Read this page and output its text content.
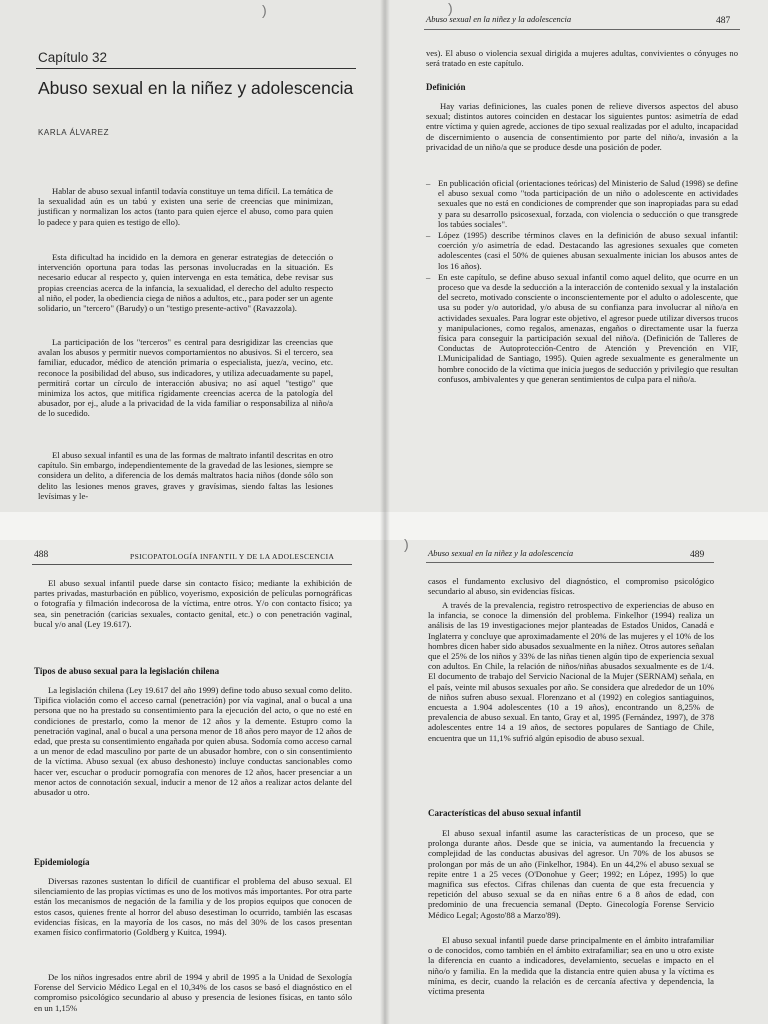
Capítulo 32
Abuso sexual en la niñez y adolescencia
KARLA ÁLVAREZ

Hablar de abuso sexual infantil todavía constituye un tema difícil. La temática de la sexualidad aún es un tabú y existen una serie de creencias que minimizan, justifican y normalizan los actos (tanto para quien ejerce el abuso, como para quien lo padece y para quien es testigo de ello).

Esta dificultad ha incidido en la demora en generar estrategias de detección o intervención oportuna para todas las personas involucradas en la situación. Es necesario educar al respecto y, quien intervenga en esta temática, debe revisar sus propias creencias acerca de la infancia, la sexualidad, el derecho del adulto respecto al niño, el poder, la obediencia ciega de niños a adultos, etc., para poder ser un agente solidario, un "tercero" (Barudy) o un "testigo presente-activo" (Ravazzola).

La participación de los "terceros" es central para desrigidizar las creencias que avalan los abusos y permitir nuevos comportamientos no abusivos. Si el tercero, sea familiar, educador, médico de atención primaria o especialista, juez/a, vecino, etc. reconoce la posibilidad del abuso, sus indicadores, y utiliza adecuadamente su papel, permitirá cortar un círculo de interacción abusiva; no así aquel "testigo" que minimiza los actos, que mitifica rígidamente creencias acerca de la patología del abusador, por ej., alude a la privacidad de la vida familiar o responsabiliza al niño/a de lo sucedido.

El abuso sexual infantil es una de las formas de maltrato infantil descritas en otro capítulo. Sin embargo, independientemente de la gravedad de las lesiones, siempre se considera un delito, a diferencia de los demás maltratos hacia niños (donde sólo son delito las lesiones menos graves, graves y gravísimas, siendo faltas las lesiones levísimas y le-

Abuso sexual en la niñez y la adolescencia	487

ves). El abuso o violencia sexual dirigida a mujeres adultas, convivientes o cónyuges no será tratado en este capítulo.

Definición

Hay varias definiciones, las cuales ponen de relieve diversos aspectos del abuso sexual; distintos autores coinciden en destacar los siguientes puntos: asimetría de edad entre víctima y quien agrede, acciones de tipo sexual realizadas por el adulto, incapacidad de discernimiento o ausencia de consentimiento por parte del niño/a, invasión a la privacidad de un niño/a que se produce desde una posición de poder.

– En publicación oficial (orientaciones teóricas) del Ministerio de Salud (1998) se define el abuso sexual como "toda participación de un niño o adolescente en actividades sexuales que no está en condiciones de comprender que son inapropiadas para su edad y para su desarrollo psicosexual, forzada, con violencia o seducción o que transgrede los tabúes sociales".
– López (1995) describe términos claves en la definición de abuso sexual infantil: coerción y/o asimetría de edad. Destacando las agresiones sexuales que cometen adolescentes (casi el 50% de quienes abusan sexualmente inician los abusos antes de los 16 años).
– En este capítulo, se define abuso sexual infantil como aquel delito, que ocurre en un proceso que va desde la seducción a la interacción de contenido sexual y la instalación del secreto, motivado consciente o inconscientemente por el adulto o adolescente, que usa su poder y/o autoridad, y/o abusa de su confianza para involucrar al niño/a en actividades sexuales. Para lograr este objetivo, el agresor puede utilizar diversos trucos y manipulaciones, como regalos, amenazas, engaños o directamente usar la fuerza física para conseguir la participación sexual del niño/a. (Definición de Talleres de Conductas de Autoprotección-Centro de Atención y Prevención en VIF, I.Municipalidad de Santiago, 1995). Quien agrede sexualmente es generalmente un hombre conocido de la víctima que inicia juegos de seducción y privilegio que resultan confusos, ambivalentes y que generan sentimientos de culpa para el niño/a.
488	PSICOPATOLOGÍA INFANTIL Y DE LA ADOLESCENCIA

El abuso sexual infantil puede darse sin contacto físico; mediante la exhibición de partes privadas, masturbación en público, voyerismo, exposición de películas pornográficas o fotografía y filmación indecorosa de la víctima, entre otros. Y/o con contacto físico; ya sea, sin penetración (caricias sexuales, contacto genital, etc.) o con penetración vaginal, bucal y/o anal (Ley 19.617).

Tipos de abuso sexual para la legislación chilena

La legislación chilena (Ley 19.617 del año 1999) define todo abuso sexual como delito. Tipifica violación como el acceso carnal (penetración) por vía vaginal, anal o bucal a una persona que no ha prestado su consentimiento para la ejecución del acto, o que no esté en condiciones de prestarlo, como la menor de 12 años y la demente. Estupro como la penetración vaginal, anal o bucal a una persona menor de 18 años pero mayor de 12 años de edad, que presta su consentimiento engañada por quien abusa. Sodomía como acceso carnal a un menor de edad masculino por parte de un abusador hombre, con o sin consentimiento de la víctima. Abuso sexual (ex abuso deshonesto) incluye conductas sancionables como hacer ver, escuchar o producir pornografía con menores de 12 años, hacer presenciar a un menor actos de connotación sexual, inducir a menor de 12 años a realizar actos delante del abusador u otro.

Epidemiología

Diversas razones sustentan lo difícil de cuantificar el problema del abuso sexual. El silenciamiento de las propias víctimas es uno de los motivos más importantes. Por otra parte están los mecanismos de negación de la familia y de los propios equipos que conocen de estos casos, quienes frente al horror del abuso desestiman lo ocurrido, también las escasas evidencias físicas, en la mayoría de los casos, no más del 30% de los casos presentan examen físico confirmatorio (Goldberg y Kuitca, 1994).

De los niños ingresados entre abril de 1994 y abril de 1995 a la Unidad de Sexología Forense del Servicio Médico Legal en el 10,34% de los casos se basó el diagnóstico en el compromiso psicológico secundario al abuso y presencia de lesiones físicas, en tanto sólo en un 1,15%

Abuso sexual en la niñez y la adolescencia	489

casos el fundamento exclusivo del diagnóstico, el compromiso psicológico secundario al abuso, sin evidencias físicas.

A través de la prevalencia, registro retrospectivo de experiencias de abuso en la infancia, se conoce la dimensión del problema. Finkelhor (1994) realiza un análisis de las 19 investigaciones mejor planteadas de Estados Unidos, Canadá e Inglaterra y concluye que aproximadamente el 20% de las mujeres y el 10% de los hombres dicen haber sido abusados sexualmente en la niñez. Otros autores señalan que el 25% de los niños y 33% de las niñas tienen algún tipo de experiencia sexual con adultos. En Chile, la relación de niños/niñas abusados sexualmente es de 1/4. El documento de trabajo del Servicio Nacional de la Mujer (SERNAM) señala, en el país, veinte mil abusos sexuales por año. Se considera que alrededor de un 10% de niños sufren abuso sexual. Florenzano et al (1992) en colegios santiaguinos, encuesta a 1.904 adolescentes (10 a 19 años), encontrando un 8,25% de prevalencia de abuso sexual. En tanto, Gray et al, 1995 (Fernández, 1997), de 378 adolescentes entre 14 a 19 años, de sectores populares de Santiago de Chile, encuentra que un 11,1% sufrió algún episodio de abuso sexual.

Características del abuso sexual infantil

El abuso sexual infantil asume las características de un proceso, que se prolonga durante años. Desde que se inicia, va aumentando la frecuencia y complejidad de las conductas abusivas del agresor. Un 70% de los abusos se prolongan por más de un año (Finkelhor, 1984). En un 44,2% el abuso sexual se repite entre 1 a 25 veces (O'Donohue y Geer; 1992; en López, 1995) lo que magnifica sus efectos. Cifras chilenas dan cuenta de que esta frecuencia y repetición del abuso sexual se da en niñas entre 6 a 8 años de edad, con predominio de una frecuencia semanal (Depto. Ginecología Forense Servicio Médico Legal; Agosto'88 a Marzo'89).

El abuso sexual infantil puede darse principalmente en el ámbito intrafamiliar o de conocidos, como también en el ámbito extrafamiliar; sea en uno u otro existe la diferencia en cuanto a indicadores, develamiento, secuelas e impacto en el niño/o y familia. En la medida que la distancia entre quien abusa y la víctima es mínima, es decir, cuando la relación es de cercanía afectiva y dependencia, la víctima presenta

)	)
)
